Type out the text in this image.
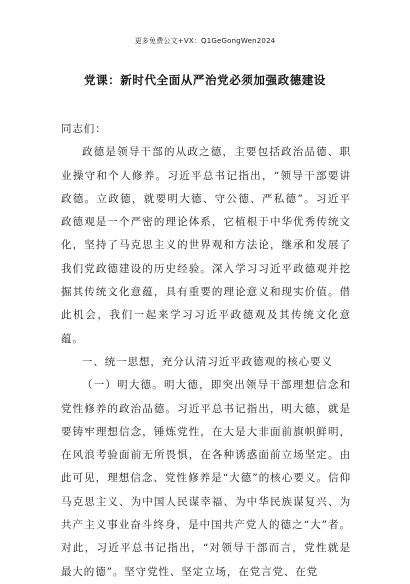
更多免费公文+VX：Q1GeGongWen2024
党课：新时代全面从严治党必须加强政德建设

同志们：

政德是领导干部的从政之德，主要包括政治品德、职业操守和个人修养。习近平总书记指出，“领导干部要讲政德。立政德，就要明大德、守公德、严私德”。习近平政德观是一个严密的理论体系，它植根于中华优秀传统文化，坚持了马克思主义的世界观和方法论，继承和发展了我们党政德建设的历史经验。深入学习习近平政德观并挖掘其传统文化意蕴，具有重要的理论意义和现实价值。借此机会，我们一起来学习习近平政德观及其传统文化意蕴。

一、统一思想，充分认清习近平政德观的核心要义

（一）明大德。明大德，即突出领导干部理想信念和党性修养的政治品德。习近平总书记指出，明大德，就是要铸牢理想信念，锤炼党性，在大是大非面前旗帜鲜明，在风浪考验面前无所畏惧，在各种诱惑面前立场坚定。由此可见，理想信念、党性修养是“大德”的核心要义。信仰马克思主义、为中国人民谋幸福、为中华民族谋复兴、为共产主义事业奋斗终身，是中国共产党人的德之“大”者。对此，习近平总书记指出，“对领导干部而言，党性就是最大的德”。坚守党性、坚定立场，在党言党、在党
